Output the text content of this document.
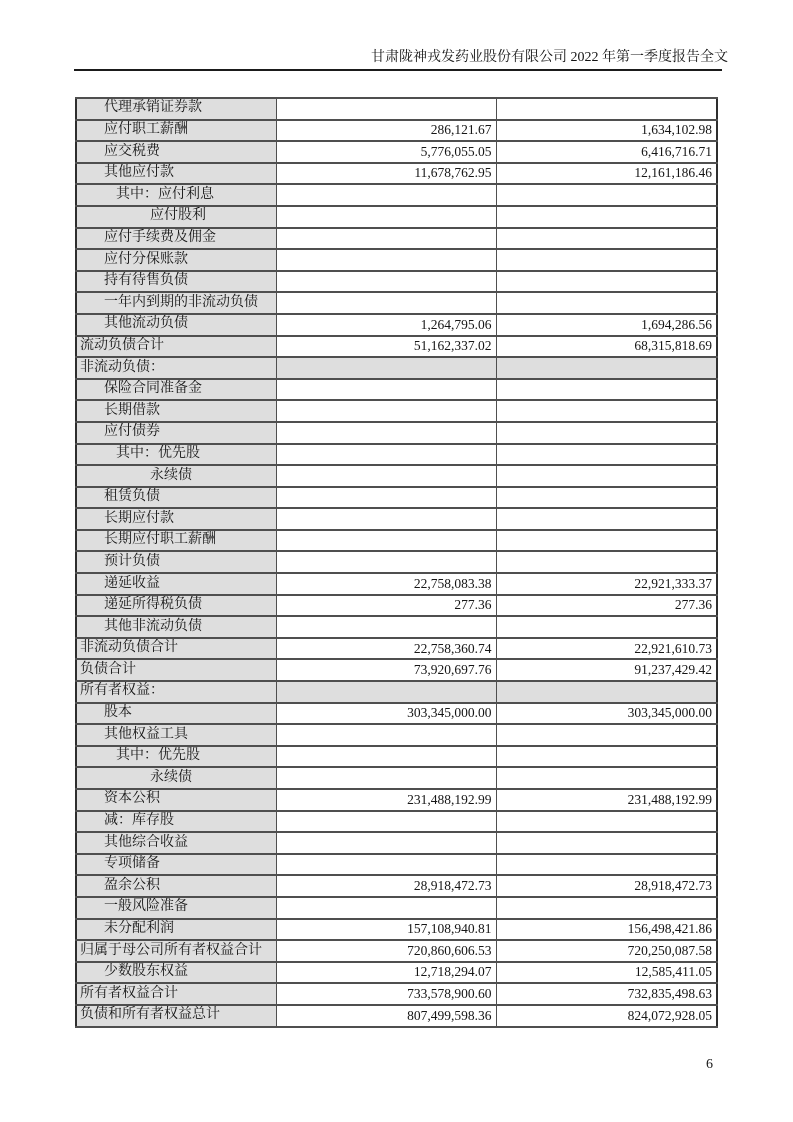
甘肃陇神戎发药业股份有限公司 2022 年第一季度报告全文
代理承销证券款		
应付职工薪酬	286,121.67	1,634,102.98
应交税费	5,776,055.05	6,416,716.71
其他应付款	11,678,762.95	12,161,186.46
其中：应付利息		
应付股利		
应付手续费及佣金		
应付分保账款		
持有待售负债		
一年内到期的非流动负债		
其他流动负债	1,264,795.06	1,694,286.56
流动负债合计	51,162,337.02	68,315,818.69
非流动负债：		
保险合同准备金		
长期借款		
应付债券		
其中：优先股		
永续债		
租赁负债		
长期应付款		
长期应付职工薪酬		
预计负债		
递延收益	22,758,083.38	22,921,333.37
递延所得税负债	277.36	277.36
其他非流动负债		
非流动负债合计	22,758,360.74	22,921,610.73
负债合计	73,920,697.76	91,237,429.42
所有者权益：		
股本	303,345,000.00	303,345,000.00
其他权益工具		
其中：优先股		
永续债		
资本公积	231,488,192.99	231,488,192.99
减：库存股		
其他综合收益		
专项储备		
盈余公积	28,918,472.73	28,918,472.73
一般风险准备		
未分配利润	157,108,940.81	156,498,421.86
归属于母公司所有者权益合计	720,860,606.53	720,250,087.58
少数股东权益	12,718,294.07	12,585,411.05
所有者权益合计	733,578,900.60	732,835,498.63
负债和所有者权益总计	807,499,598.36	824,072,928.05
6
